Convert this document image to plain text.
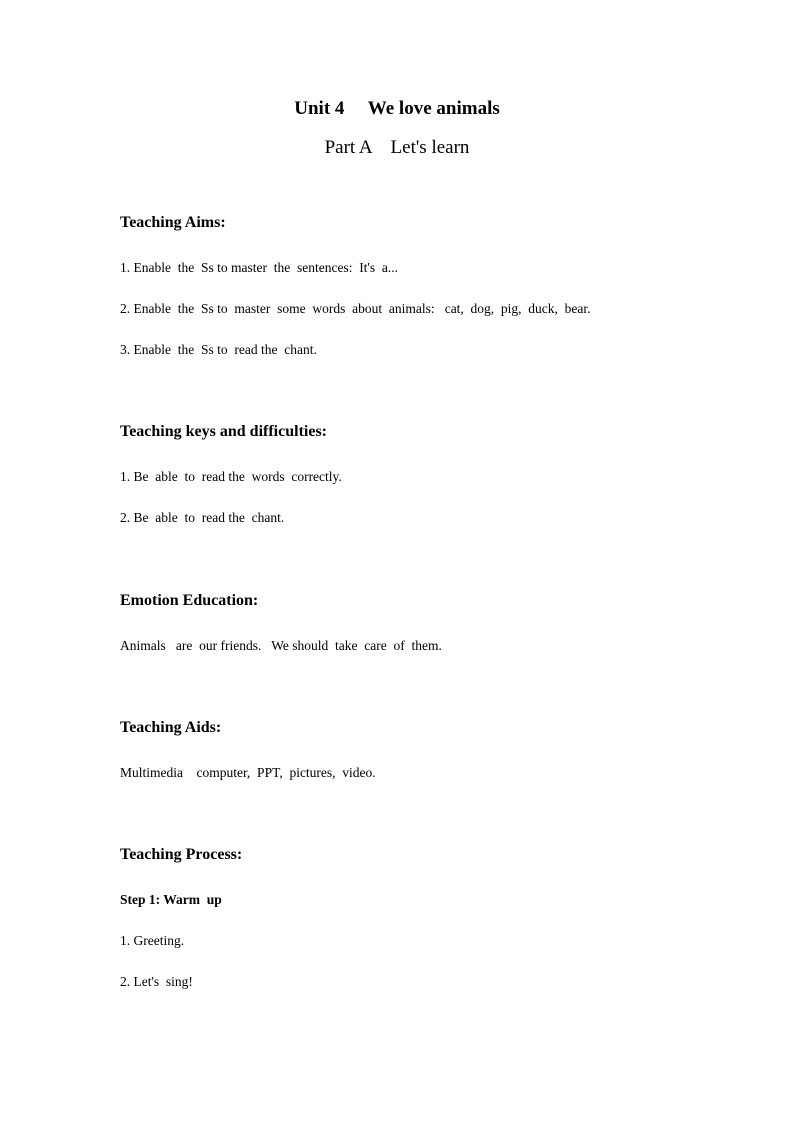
Unit 4     We love animals
Part A    Let's learn
Teaching Aims:
1. Enable  the  Ss to master  the  sentences:  It's  a...
2. Enable  the  Ss to  master  some  words  about  animals:   cat,  dog,  pig,  duck,  bear.
3. Enable  the  Ss to  read the  chant.
Teaching keys and difficulties:
1. Be  able  to  read the  words  correctly.
2. Be  able  to  read the  chant.
Emotion Education:
Animals   are  our friends.   We should  take  care  of  them.
Teaching Aids:
Multimedia    computer,  PPT,  pictures,  video.
Teaching Process:
Step 1: Warm  up
1. Greeting.
2. Let's  sing!
